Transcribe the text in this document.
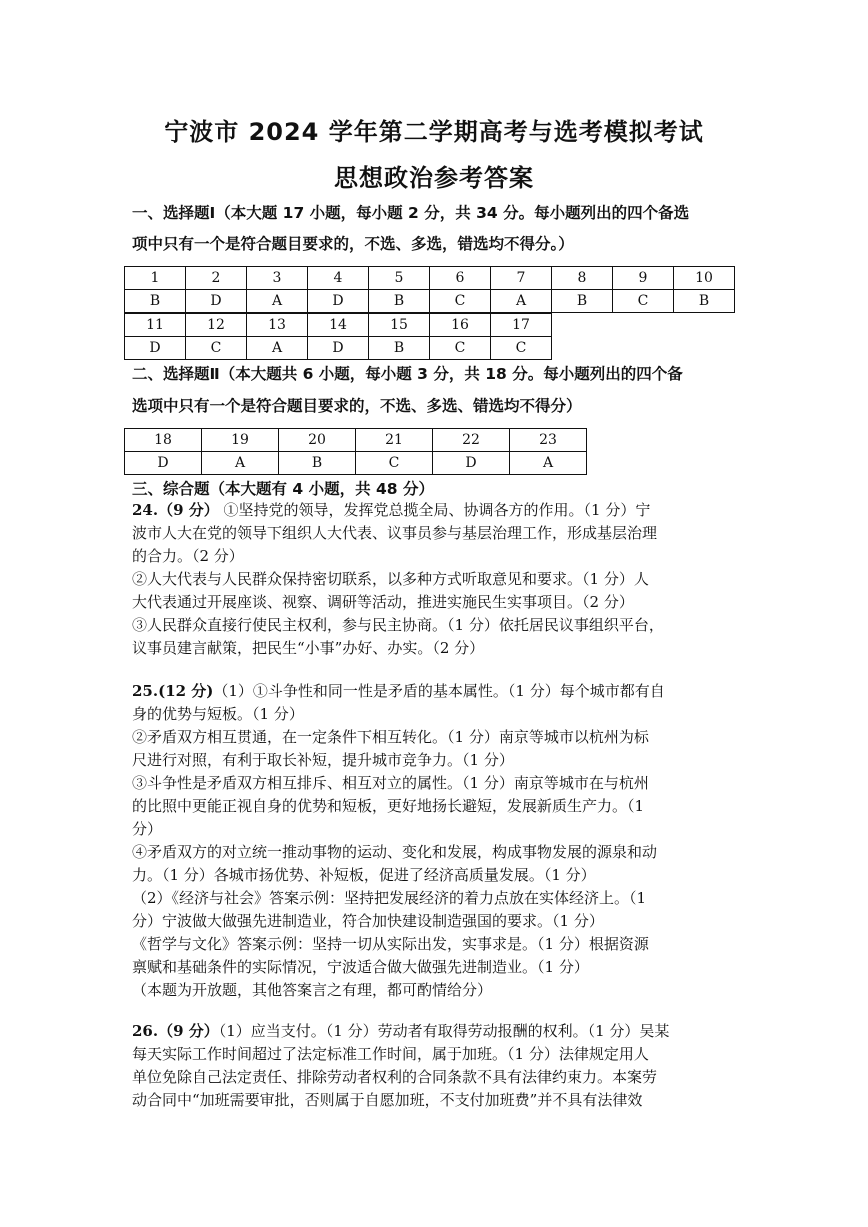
宁波市 2024 学年第二学期高考与选考模拟考试
思想政治参考答案
一、选择题Ⅰ（本大题 17 小题，每小题 2 分，共 34 分。每小题列出的四个备选
项中只有一个是符合题目要求的，不选、多选，错选均不得分。）
1	2	3	4	5	6	7	8	9	10
B	D	A	D	B	C	A	B	C	B
11	12	13	14	15	16	17
D	C	A	D	B	C	C
二、选择题Ⅱ（本大题共 6 小题，每小题 3 分，共 18 分。每小题列出的四个备
选项中只有一个是符合题目要求的，不选、多选、错选均不得分）
18	19	20	21	22	23
D	A	B	C	D	A
三、综合题（本大题有 4 小题，共 48 分）
24.（9 分） ①坚持党的领导，发挥党总揽全局、协调各方的作用。（1 分）宁
波市人大在党的领导下组织人大代表、议事员参与基层治理工作，形成基层治理
的合力。（2 分）
②人大代表与人民群众保持密切联系，以多种方式听取意见和要求。（1 分）人
大代表通过开展座谈、视察、调研等活动，推进实施民生实事项目。（2 分）
③人民群众直接行使民主权利，参与民主协商。（1 分）依托居民议事组织平台，
议事员建言献策，把民生“小事”办好、办实。（2 分）
25.(12 分)（1）①斗争性和同一性是矛盾的基本属性。（1 分）每个城市都有自
身的优势与短板。（1 分）
②矛盾双方相互贯通，在一定条件下相互转化。（1 分）南京等城市以杭州为标
尺进行对照，有利于取长补短，提升城市竞争力。（1 分）
③斗争性是矛盾双方相互排斥、相互对立的属性。（1 分）南京等城市在与杭州
的比照中更能正视自身的优势和短板，更好地扬长避短，发展新质生产力。（1
分）
④矛盾双方的对立统一推动事物的运动、变化和发展，构成事物发展的源泉和动
力。（1 分）各城市扬优势、补短板，促进了经济高质量发展。（1 分）
（2）《经济与社会》答案示例：坚持把发展经济的着力点放在实体经济上。（1
分）宁波做大做强先进制造业，符合加快建设制造强国的要求。（1 分）
《哲学与文化》答案示例：坚持一切从实际出发，实事求是。（1 分）根据资源
禀赋和基础条件的实际情况，宁波适合做大做强先进制造业。（1 分）
（本题为开放题，其他答案言之有理，都可酌情给分）
26.（9 分）（1）应当支付。（1 分）劳动者有取得劳动报酬的权利。（1 分）吴某
每天实际工作时间超过了法定标准工作时间，属于加班。（1 分）法律规定用人
单位免除自己法定责任、排除劳动者权利的合同条款不具有法律约束力。本案劳
动合同中“加班需要审批，否则属于自愿加班，不支付加班费”并不具有法律效
